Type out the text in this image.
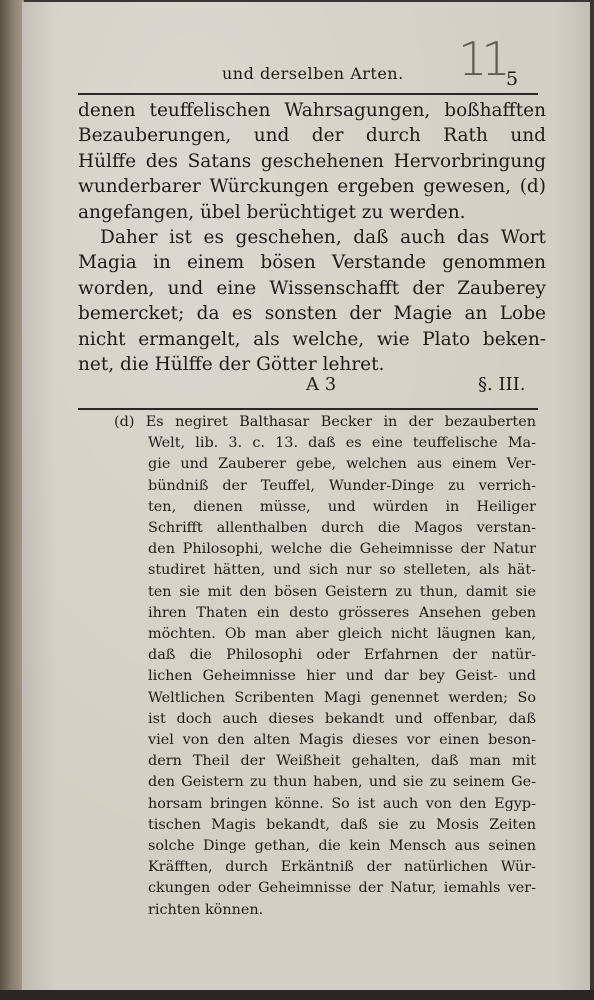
11
und derselben Arten.	5
denen teuffelischen Wahrsagungen, boßhafften
Bezauberungen, und der durch Rath und
Hülffe des Satans geschehenen Hervorbringung
wunderbarer Würckungen ergeben gewesen, (d)
angefangen, übel berüchtiget zu werden.
Daher ist es geschehen, daß auch das Wort
Magia in einem bösen Verstande genommen
worden, und eine Wissenschafft der Zauberey
bemercket; da es sonsten der Magie an Lobe
nicht ermangelt, als welche, wie Plato beken-
net, die Hülffe der Götter lehret.
A 3	§. III.
(d) Es negiret Balthasar Becker in der bezauberten
Welt, lib. 3. c. 13. daß es eine teuffelische Ma-
gie und Zauberer gebe, welchen aus einem Ver-
bündniß der Teuffel, Wunder-Dinge zu verrich-
ten, dienen müsse, und würden in Heiliger
Schrifft allenthalben durch die Magos verstan-
den Philosophi, welche die Geheimnisse der Natur
studiret hätten, und sich nur so stelleten, als hät-
ten sie mit den bösen Geistern zu thun, damit sie
ihren Thaten ein desto grösseres Ansehen geben
möchten. Ob man aber gleich nicht läugnen kan,
daß die Philosophi oder Erfahrnen der natür-
lichen Geheimnisse hier und dar bey Geist- und
Weltlichen Scribenten Magi genennet werden; So
ist doch auch dieses bekandt und offenbar, daß
viel von den alten Magis dieses vor einen beson-
dern Theil der Weißheit gehalten, daß man mit
den Geistern zu thun haben, und sie zu seinem Ge-
horsam bringen könne. So ist auch von den Egyp-
tischen Magis bekandt, daß sie zu Mosis Zeiten
solche Dinge gethan, die kein Mensch aus seinen
Kräfften, durch Erkäntniß der natürlichen Wür-
ckungen oder Geheimnisse der Natur, iemahls ver-
richten können.
